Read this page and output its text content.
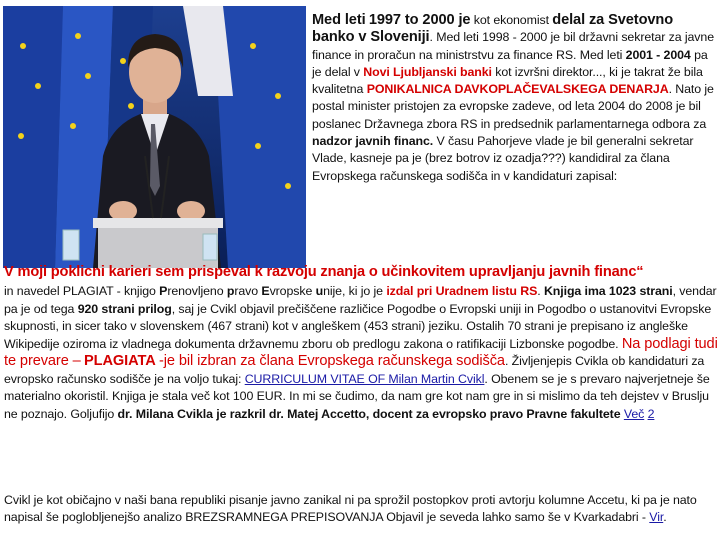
Med leti 1997 to 2000 je kot ekonomist delal za Svetovno banko v Sloveniji. Med leti 1998 - 2000 je bil državni sekretar za javne finance in proračun na ministrstvu za finance RS. Med leti 2001 - 2004 pa je delal v Novi Ljubljanski banki kot izvršni direktor..., ki je takrat že bila kvalitetna PONIKALNICA DAVKOPLAČEVALSKEGA DENARJA. Nato je postal minister pristojen za evropske zadeve, od leta 2004 do 2008 je bil poslanec Državnega zbora RS in predsednik parlamentarnega odbora za nadzor javnih financ. V času Pahorjeve vlade je bil generalni sekretar Vlade, kasneje pa je (brez botrov iz ozadja???) kandidiral za člana Evropskega računskega sodišča in v kandidaturi zapisal:
V moji poklicni karieri sem prispeval k razvoju znanja o učinkovitem upravljanju javnih financ“
in navedel PLAGIAT - knjigo Prenovljeno pravo Evropske unije, ki jo je izdal pri Uradnem listu RS. Knjiga ima 1023 strani, vendar pa je od tega 920 strani prilog, saj je Cvikl objavil prečiščene različice Pogodbe o Evropski uniji in Pogodbo o ustanovitvi Evropske skupnosti, in sicer tako v slovenskem (467 strani) kot v angleškem (453 strani) jeziku. Ostalih 70 strani je prepisano iz angleške Wikipedije oziroma iz vladnega dokumenta državnemu zboru ob predlogu zakona o ratifikaciji Lizbonske pogodbe. Na podlagi tudi te prevare – PLAGIATA -je bil izbran za člana Evropskega računskega sodišča. Življenjepis Cvikla ob kandidaturi za evropsko računsko sodišče je na voljo tukaj: CURRICULUM VITAE OF Milan Martin Cvikl. Obenem se je s prevaro najverjetneje še materialno okoristil. Knjiga je stala več kot 100 EUR. In mi se čudimo, da nam gre kot nam gre in si mislimo da teh dejstev v Bruslju ne poznajo. Goljufijo dr. Milana Cvikla je razkril dr. Matej Accetto, docent za evropsko pravo Pravne fakultete Več 2
Cvikl je kot običajno v naši bana republiki pisanje javno zanikal ni pa sprožil postopkov proti avtorju kolumne Accetu, ki pa je nato napisal še poglobljenejšo analizo BREZSRAMNEGA PREPISOVANJA Objavil je seveda lahko samo še v Kvarkadabri - Vir.
